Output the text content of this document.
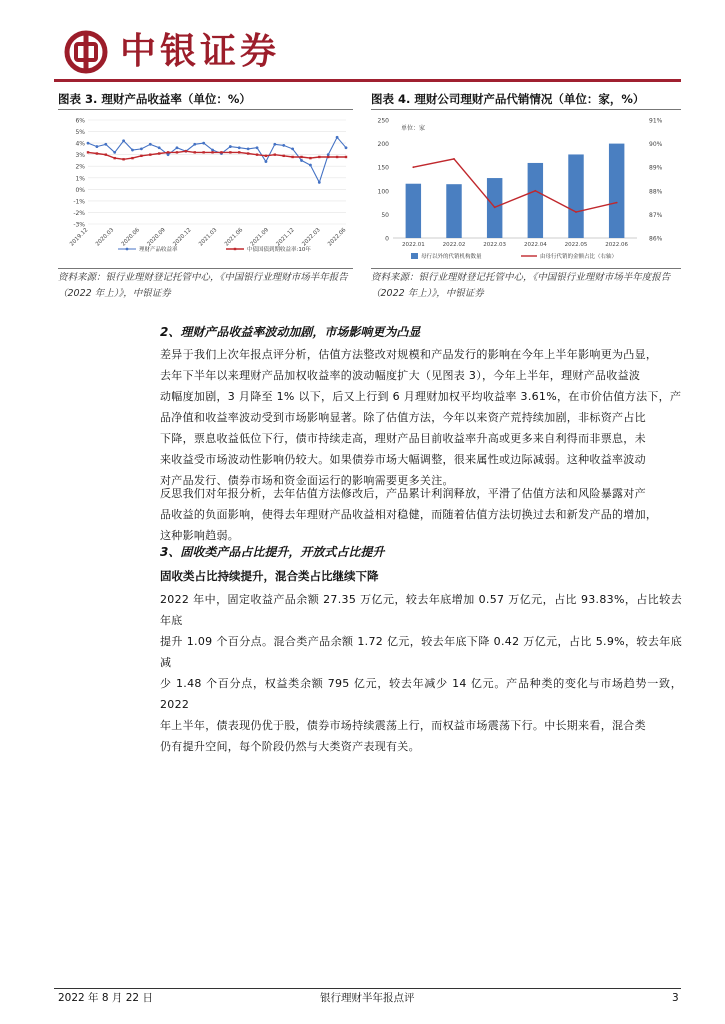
中银证券
图表 3. 理财产品收益率（单位：%）
6%
5%
4%
3%
2%
1%
0%
-1%
-2%
-3%
2019.12 2020.03 2020.06 2020.09 2020.12 2021.03 2021.06 2021.09 2021.12 2022.03 2022.06
理财产品收益率	中债国债到期收益率:10年
资料来源：银行业理财登记托管中心，《中国银行业理财市场半年报告（2022 年上）》，中银证券
图表 4. 理财公司理财产品代销情况（单位：家，%）
250
200
150
100
50
0
91%
90%
89%
88%
87%
86%
单位：家
2022.01	2022.02	2022.03	2022.04	2022.05	2022.06
母行以外的代销机构数量	由母行代销的金额占比（右轴）
资料来源：银行业理财登记托管中心，《中国银行业理财市场半年度报告（2022 年上）》，中银证券
2、理财产品收益率波动加剧，市场影响更为凸显
差异于我们上次年报点评分析，估值方法整改对规模和产品发行的影响在今年上半年影响更为凸显，
去年下半年以来理财产品加权收益率的波动幅度扩大（见图表 3），今年上半年，理财产品收益波
动幅度加剧，3 月降至 1% 以下，后又上行到 6 月理财加权平均收益率 3.61%，在市价估值方法下，产
品净值和收益率波动受到市场影响显著。除了估值方法，今年以来资产荒持续加剧，非标资产占比
下降，票息收益低位下行，债市持续走高，理财产品目前收益率升高或更多来自利得而非票息，未
来收益受市场波动性影响仍较大。如果债券市场大幅调整，很来属性或边际减弱。这种收益率波动
对产品发行、债券市场和资金面运行的影响需要更多关注。
反思我们对年报分析，去年估值方法修改后，产品累计利润释放，平滑了估值方法和风险暴露对产
品收益的负面影响，使得去年理财产品收益相对稳健，而随着估值方法切换过去和新发产品的增加，
这种影响趋弱。
3、固收类产品占比提升，开放式占比提升
固收类占比持续提升，混合类占比继续下降
2022 年中，固定收益产品余额 27.35 万亿元，较去年底增加 0.57 万亿元，占比 93.83%，占比较去年底
提升 1.09 个百分点。混合类产品余额 1.72 亿元，较去年底下降 0.42 万亿元，占比 5.9%，较去年底减
少 1.48 个百分点，权益类余额 795 亿元，较去年减少 14 亿元。产品种类的变化与市场趋势一致，2022
年上半年，债表现仍优于股，债券市场持续震荡上行，而权益市场震荡下行。中长期来看，混合类
仍有提升空间，每个阶段仍然与大类资产表现有关。
2022 年 8 月 22 日	银行理财半年报点评	3
